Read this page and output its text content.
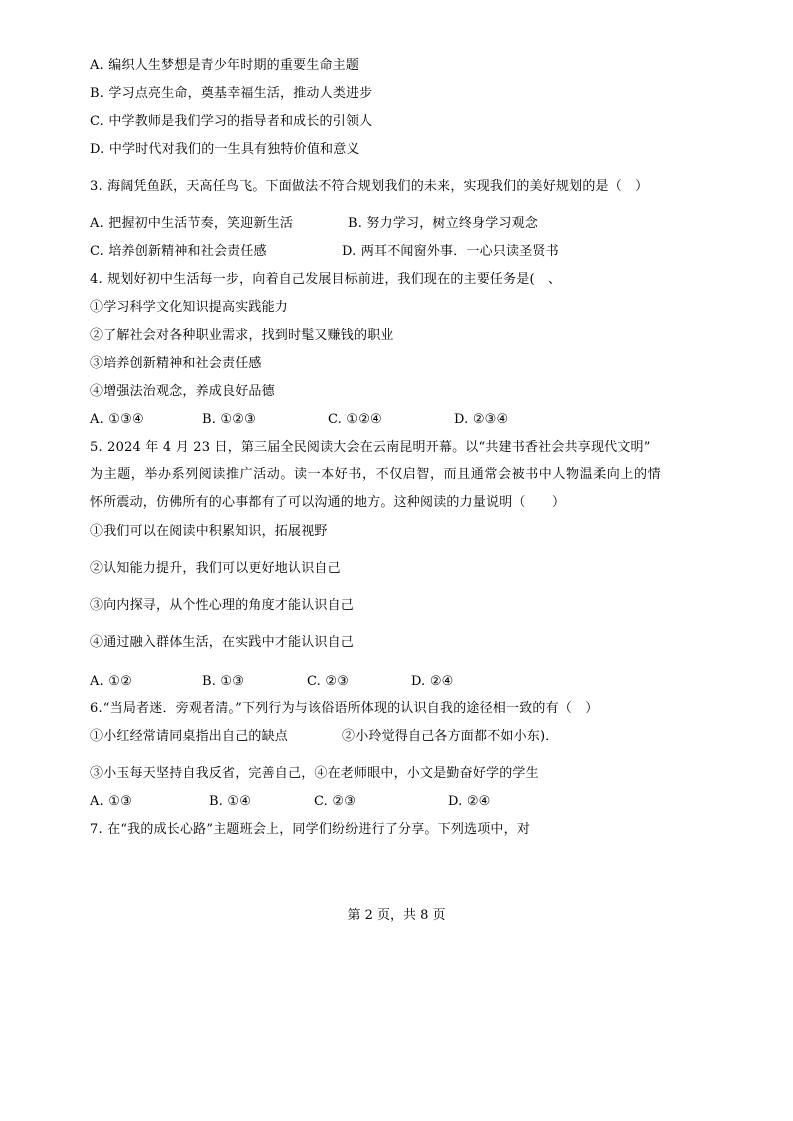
A. 编织人生梦想是青少年时期的重要生命主题
B. 学习点亮生命，奠基幸福生活，推动人类进步
C. 中学教师是我们学习的指导者和成长的引领人
D. 中学时代对我们的一生具有独特价值和意义
3. 海阔凭鱼跃，天高任鸟飞。下面做法不符合规划我们的未来，实现我们的美好规划的是（　）
A. 把握初中生活节奏，笑迎新生活	B. 努力学习，树立终身学习观念
C. 培养创新精神和社会责任感	D. 两耳不闻窗外事．一心只读圣贤书
4. 规划好初中生活每一步，向着自己发展目标前进，我们现在的主要任务是(　、
①学习科学文化知识提高实践能力
②了解社会对各种职业需求，找到时髦又赚钱的职业
③培养创新精神和社会责任感
④增强法治观念，养成良好品德
A. ①③④	B. ①②③	C. ①②④	D. ②③④
5. 2024 年 4 月 23 日，第三届全民阅读大会在云南昆明开幕。以“共建书香社会共享现代文明”
为主题，举办系列阅读推广活动。读一本好书，不仅启智，而且通常会被书中人物温柔向上的情
怀所震动，仿佛所有的心事都有了可以沟通的地方。这种阅读的力量说明（　　）
①我们可以在阅读中积累知识，拓展视野
②认知能力提升，我们可以更好地认识自己
③向内探寻，从个性心理的角度才能认识自己
④通过融入群体生活，在实践中才能认识自己
A. ①②	B. ①③	C. ②③	D. ②④
6.“当局者迷．旁观者清。”下列行为与该俗语所体现的认识自我的途径相一致的有（　）
①小红经常请同桌指出自己的缺点	②小玲觉得自己各方面都不如小东)．
③小玉每天坚持自我反省，完善自己，④在老师眼中，小文是勤奋好学的学生
A. ①③	B. ①④	C. ②③	D. ②④
7. 在“我的成长心路”主题班会上，同学们纷纷进行了分享。下列选项中，对
第 2 页，共 8 页
